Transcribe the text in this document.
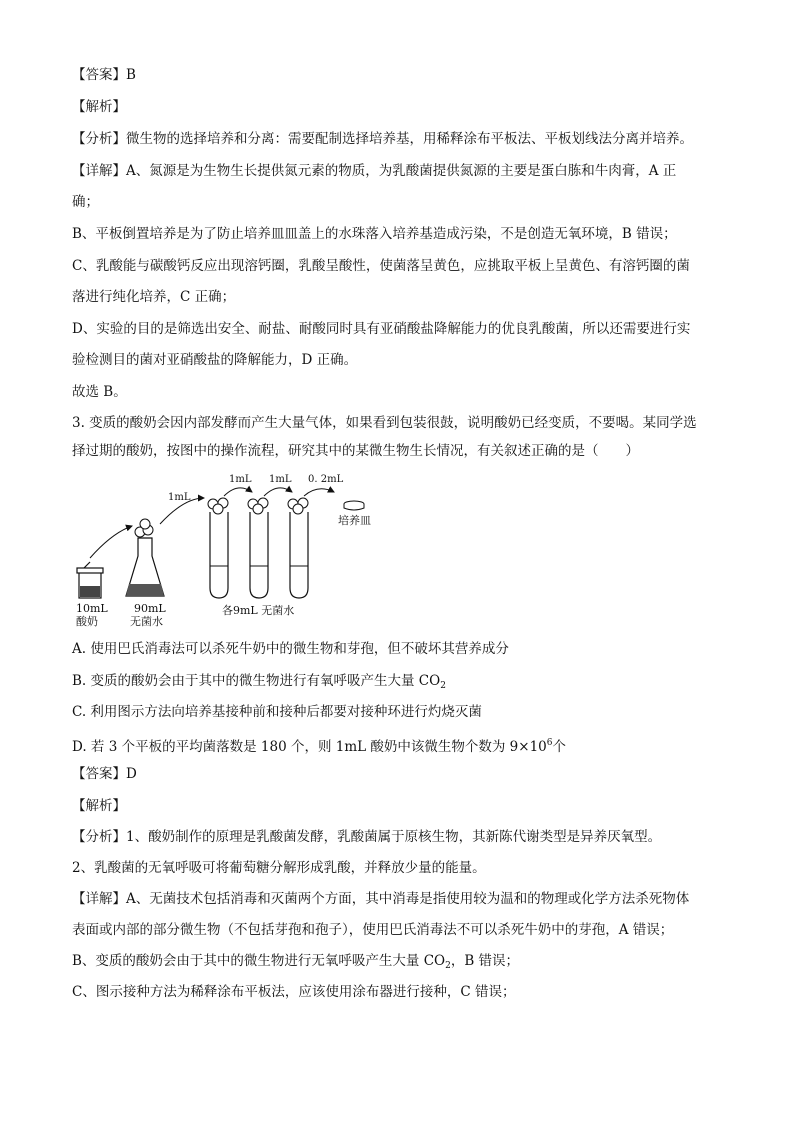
【答案】B
【解析】
【分析】微生物的选择培养和分离：需要配制选择培养基，用稀释涂布平板法、平板划线法分离并培养。
【详解】A、氮源是为生物生长提供氮元素的物质，为乳酸菌提供氮源的主要是蛋白胨和牛肉膏，A 正
确；
B、平板倒置培养是为了防止培养皿皿盖上的水珠落入培养基造成污染，不是创造无氧环境，B 错误；
C、乳酸能与碳酸钙反应出现溶钙圈，乳酸呈酸性，使菌落呈黄色，应挑取平板上呈黄色、有溶钙圈的菌
落进行纯化培养，C 正确；
D、实验的目的是筛选出安全、耐盐、耐酸同时具有亚硝酸盐降解能力的优良乳酸菌，所以还需要进行实
验检测目的菌对亚硝酸盐的降解能力，D 正确。
故选 B。
3. 变质的酸奶会因内部发酵而产生大量气体，如果看到包装很鼓，说明酸奶已经变质，不要喝。某同学选
择过期的酸奶，按图中的操作流程，研究其中的某微生物生长情况，有关叙述正确的是（　　）
10mL
酸奶
90mL
无菌水
1mL
1mL 1mL 0. 2mL
培养皿
各9mL 无菌水
A. 使用巴氏消毒法可以杀死牛奶中的微生物和芽孢，但不破坏其营养成分
B. 变质的酸奶会由于其中的微生物进行有氧呼吸产生大量 $CO_2$
C. 利用图示方法向培养基接种前和接种后都要对接种环进行灼烧灭菌
D. 若 3 个平板的平均菌落数是 180 个，则 1mL 酸奶中该微生物个数为 $9\times 10^6$个
【答案】D
【解析】
【分析】1、酸奶制作的原理是乳酸菌发酵，乳酸菌属于原核生物，其新陈代谢类型是异养厌氧型。
2、乳酸菌的无氧呼吸可将葡萄糖分解形成乳酸，并释放少量的能量。
【详解】A、无菌技术包括消毒和灭菌两个方面，其中消毒是指使用较为温和的物理或化学方法杀死物体
表面或内部的部分微生物（不包括芽孢和孢子），使用巴氏消毒法不可以杀死牛奶中的芽孢，A 错误；
B、变质的酸奶会由于其中的微生物进行无氧呼吸产生大量 $CO_2$，B 错误；
C、图示接种方法为稀释涂布平板法，应该使用涂布器进行接种，C 错误；
